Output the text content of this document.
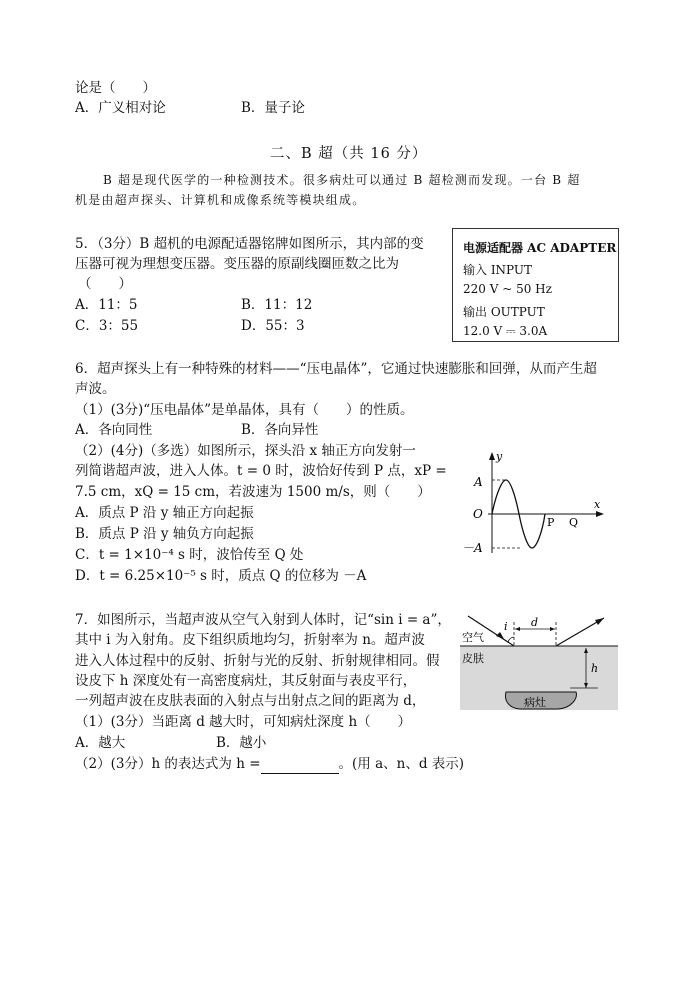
论是（　　）
A．广义相对论	B．量子论
二、B 超（共 16 分）
B 超是现代医学的一种检测技术。很多病灶可以通过 B 超检测而发现。一台 B 超
机是由超声探头、计算机和成像系统等模块组成。
5．（3分）B 超机的电源配适器铭牌如图所示，其内部的变
压器可视为理想变压器。变压器的原副线圈匝数之比为
（　　）
A．11：5	B．11：12
C．3：55	D．55：3
电源适配器 AC ADAPTER
输入 INPUT
220 V ~ 50 Hz
输出 OUTPUT
12.0 V ⎓ 3.0A
6．超声探头上有一种特殊的材料——“压电晶体”，它通过快速膨胀和回弹，从而产生超
声波。
（1）(3分)“压电晶体”是单晶体，具有（　　）的性质。
A．各向同性	B．各向异性
（2）(4分)（多选）如图所示，探头沿 x 轴正方向发射一
列简谐超声波，进入人体。t = 0 时，波恰好传到 P 点，xP =
7.5 cm，xQ = 15 cm，若波速为 1500 m/s，则（　　）
A．质点 P 沿 y 轴正方向起振
B．质点 P 沿 y 轴负方向起振
C．t = 1×10⁻⁴ s 时，波恰传至 Q 处
D．t = 6.25×10⁻⁵ s 时，质点 Q 的位移为 －A
y
x
A
－A
O
P Q
7．如图所示，当超声波从空气入射到人体时，记“sin i = a”，
其中 i 为入射角。皮下组织质地均匀，折射率为 n。超声波
进入人体过程中的反射、折射与光的反射、折射规律相同。假
设皮下 h 深度处有一高密度病灶，其反射面与表皮平行，
一列超声波在皮肤表面的入射点与出射点之间的距离为 d，
（1）(3分）当距离 d 越大时，可知病灶深度 h（　　）
A．越大	B．越小
（2）(3分）h 的表达式为 h =	。(用 a、n、d 表示)
空气
皮肤
病灶
i d
h
